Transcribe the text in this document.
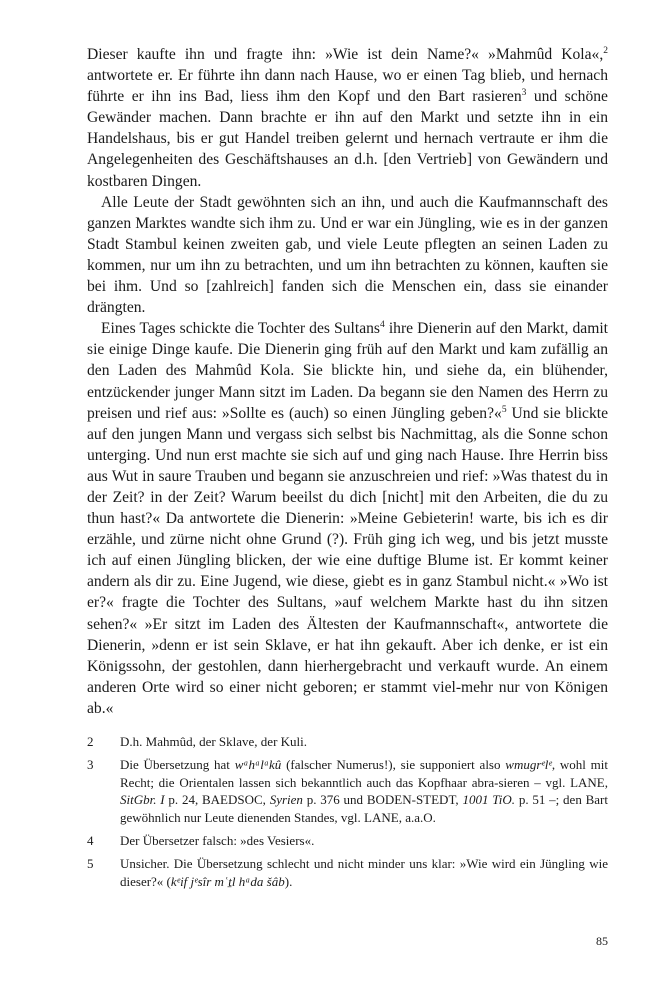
Dieser kaufte ihn und fragte ihn: »Wie ist dein Name?« »Mahmûd Kola«,$^2$ antwortete er. Er führte ihn dann nach Hause, wo er einen Tag blieb, und hernach führte er ihn ins Bad, liess ihm den Kopf und den Bart rasieren$^3$ und schöne Gewänder machen. Dann brachte er ihn auf den Markt und setzte ihn in ein Handelshaus, bis er gut Handel treiben gelernt und hernach vertraute er ihm die Angelegenheiten des Geschäftshauses an d.h. [den Vertrieb] von Gewändern und kostbaren Dingen.

Alle Leute der Stadt gewöhnten sich an ihn, und auch die Kaufmannschaft des ganzen Marktes wandte sich ihm zu. Und er war ein Jüngling, wie es in der ganzen Stadt Stambul keinen zweiten gab, und viele Leute pflegten an seinen Laden zu kommen, nur um ihn zu betrachten, und um ihn betrachten zu können, kauften sie bei ihm. Und so [zahlreich] fanden sich die Menschen ein, dass sie einander drängten.

Eines Tages schickte die Tochter des Sultans$^4$ ihre Dienerin auf den Markt, damit sie einige Dinge kaufe. Die Dienerin ging früh auf den Markt und kam zufällig an den Laden des Mahmûd Kola. Sie blickte hin, und siehe da, ein blühender, entzückender junger Mann sitzt im Laden. Da begann sie den Namen des Herrn zu preisen und rief aus: »Sollte es (auch) so einen Jüngling geben?«$^5$ Und sie blickte auf den jungen Mann und vergass sich selbst bis Nachmittag, als die Sonne schon unterging. Und nun erst machte sie sich auf und ging nach Hause. Ihre Herrin biss aus Wut in saure Trauben und begann sie anzuschreien und rief: »Was thatest du in der Zeit? in der Zeit? Warum beeilst du dich [nicht] mit den Arbeiten, die du zu thun hast?« Da antwortete die Dienerin: »Meine Gebieterin! warte, bis ich es dir erzähle, und zürne nicht ohne Grund (?). Früh ging ich weg, und bis jetzt musste ich auf einen Jüngling blicken, der wie eine duftige Blume ist. Er kommt keiner andern als dir zu. Eine Jugend, wie diese, giebt es in ganz Stambul nicht.« »Wo ist er?« fragte die Tochter des Sultans, »auf welchem Markte hast du ihn sitzen sehen?« »Er sitzt im Laden des Ältesten der Kaufmannschaft«, antwortete die Dienerin, »denn er ist sein Sklave, er hat ihn gekauft. Aber ich denke, er ist ein Königssohn, der gestohlen, dann hierhergebracht und verkauft wurde. An einem anderen Orte wird so einer nicht geboren; er stammt viel-mehr nur von Königen ab.«

2	D.h. Mahmûd, der Sklave, der Kuli.
3	Die Übersetzung hat wᵃhᵃlᵃkû (falscher Numerus!), sie supponiert also wmugrᵉlᵉ, wohl mit Recht; die Orientalen lassen sich bekanntlich auch das Kopfhaar abra-sieren – vgl. LANE, SitGbr. I p. 24, BAEDSOC, Syrien p. 376 und BODEN-STEDT, 1001 TiO. p. 51 –; den Bart gewöhnlich nur Leute dienenden Standes, vgl. LANE, a.a.O.
4	Der Übersetzer falsch: »des Vesiers«.
5	Unsicher. Die Übersetzung schlecht und nicht minder uns klar: »Wie wird ein Jüngling wie dieser?« (kᵉif jᵉsîr mʿṯl hᵃda šâb).
85
